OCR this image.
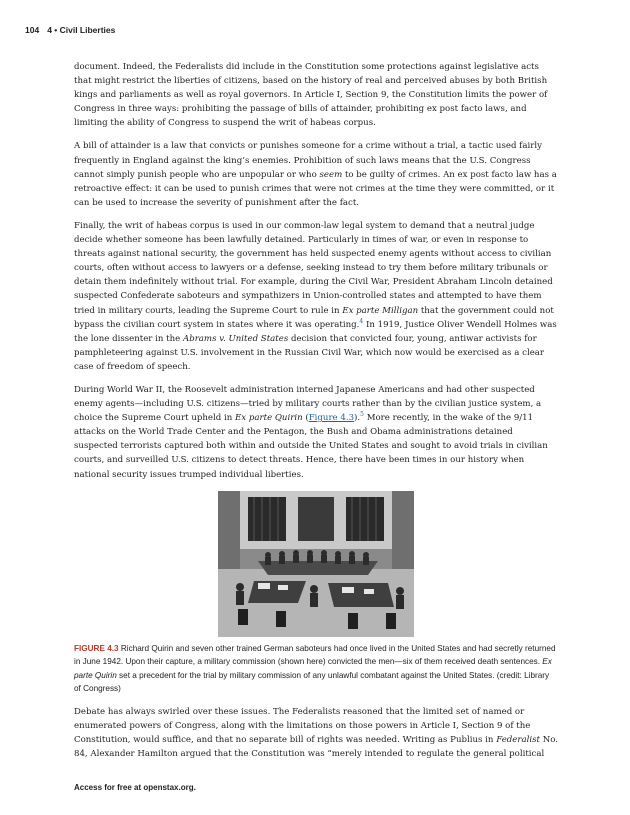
104 4 • Civil Liberties

document. Indeed, the Federalists did include in the Constitution some protections against legislative acts that might restrict the liberties of citizens, based on the history of real and perceived abuses by both British kings and parliaments as well as royal governors. In Article I, Section 9, the Constitution limits the power of Congress in three ways: prohibiting the passage of bills of attainder, prohibiting ex post facto laws, and limiting the ability of Congress to suspend the writ of habeas corpus.

A bill of attainder is a law that convicts or punishes someone for a crime without a trial, a tactic used fairly frequently in England against the king’s enemies. Prohibition of such laws means that the U.S. Congress cannot simply punish people who are unpopular or who seem to be guilty of crimes. An ex post facto law has a retroactive effect: it can be used to punish crimes that were not crimes at the time they were committed, or it can be used to increase the severity of punishment after the fact.

Finally, the writ of habeas corpus is used in our common-law legal system to demand that a neutral judge decide whether someone has been lawfully detained. Particularly in times of war, or even in response to threats against national security, the government has held suspected enemy agents without access to civilian courts, often without access to lawyers or a defense, seeking instead to try them before military tribunals or detain them indefinitely without trial. For example, during the Civil War, President Abraham Lincoln detained suspected Confederate saboteurs and sympathizers in Union-controlled states and attempted to have them tried in military courts, leading the Supreme Court to rule in Ex parte Milligan that the government could not bypass the civilian court system in states where it was operating.$^4$ In 1919, Justice Oliver Wendell Holmes was the lone dissenter in the Abrams v. United States decision that convicted four, young, antiwar activists for pamphleteering against U.S. involvement in the Russian Civil War, which now would be exercised as a clear case of freedom of speech.

During World War II, the Roosevelt administration interned Japanese Americans and had other suspected enemy agents—including U.S. citizens—tried by military courts rather than by the civilian justice system, a choice the Supreme Court upheld in Ex parte Quirin (Figure 4.3).$^5$ More recently, in the wake of the 9/11 attacks on the World Trade Center and the Pentagon, the Bush and Obama administrations detained suspected terrorists captured both within and outside the United States and sought to avoid trials in civilian courts, and surveilled U.S. citizens to detect threats. Hence, there have been times in our history when national security issues trumped individual liberties.

FIGURE 4.3 Richard Quirin and seven other trained German saboteurs had once lived in the United States and had secretly returned in June 1942. Upon their capture, a military commission (shown here) convicted the men—six of them received death sentences. Ex parte Quirin set a precedent for the trial by military commission of any unlawful combatant against the United States. (credit: Library of Congress)

Debate has always swirled over these issues. The Federalists reasoned that the limited set of named or enumerated powers of Congress, along with the limitations on those powers in Article I, Section 9 of the Constitution, would suffice, and that no separate bill of rights was needed. Writing as Publius in Federalist No. 84, Alexander Hamilton argued that the Constitution was “merely intended to regulate the general political

Access for free at openstax.org.
